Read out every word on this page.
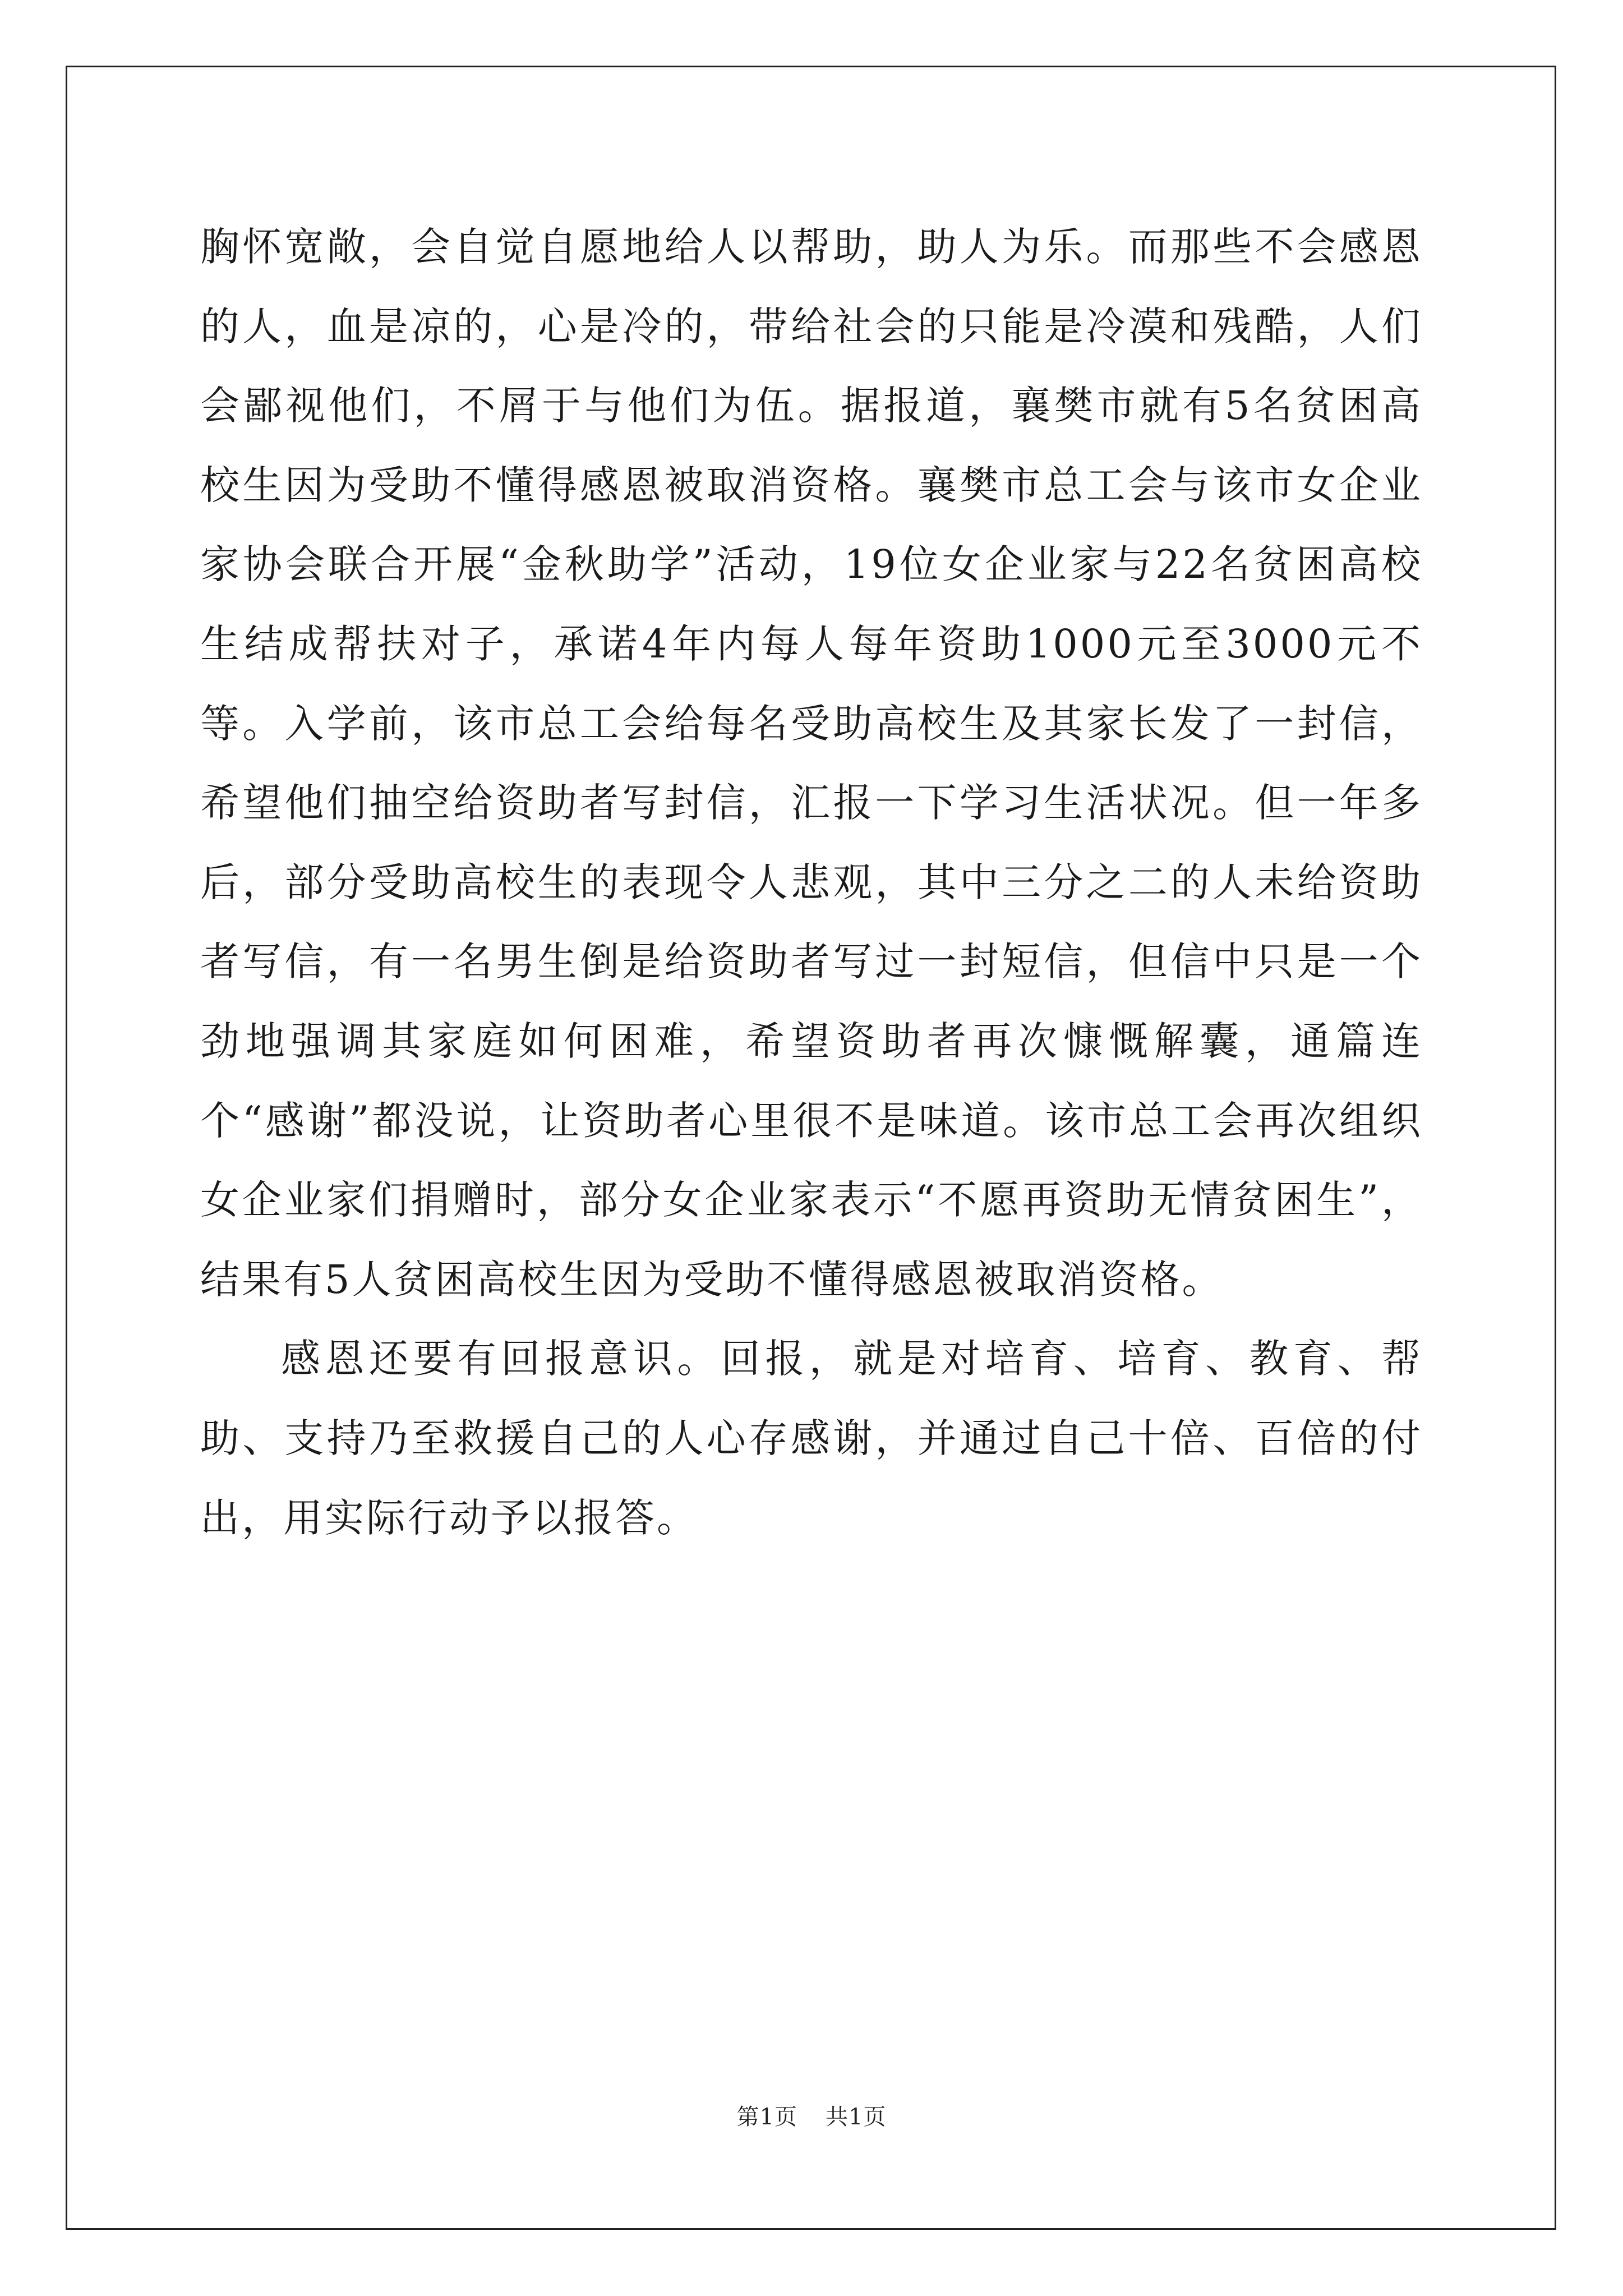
胸怀宽敞，会自觉自愿地给人以帮助，助人为乐。而那些不会感恩的人，血是凉的，心是冷的，带给社会的只能是冷漠和残酷，人们会鄙视他们，不屑于与他们为伍。据报道，襄樊市就有5名贫困高校生因为受助不懂得感恩被取消资格。襄樊市总工会与该市女企业家协会联合开展“金秋助学”活动，19位女企业家与22名贫困高校生结成帮扶对子，承诺4年内每人每年资助1000元至3000元不等。入学前，该市总工会给每名受助高校生及其家长发了一封信，希望他们抽空给资助者写封信，汇报一下学习生活状况。但一年多后，部分受助高校生的表现令人悲观，其中三分之二的人未给资助者写信，有一名男生倒是给资助者写过一封短信，但信中只是一个劲地强调其家庭如何困难，希望资助者再次慷慨解囊，通篇连个“感谢”都没说，让资助者心里很不是味道。该市总工会再次组织女企业家们捐赠时，部分女企业家表示“不愿再资助无情贫困生”，结果有5人贫困高校生因为受助不懂得感恩被取消资格。

感恩还要有回报意识。回报，就是对培育、培育、教育、帮助、支持乃至救援自己的人心存感谢，并通过自己十倍、百倍的付出，用实际行动予以报答。

第1页 共1页
